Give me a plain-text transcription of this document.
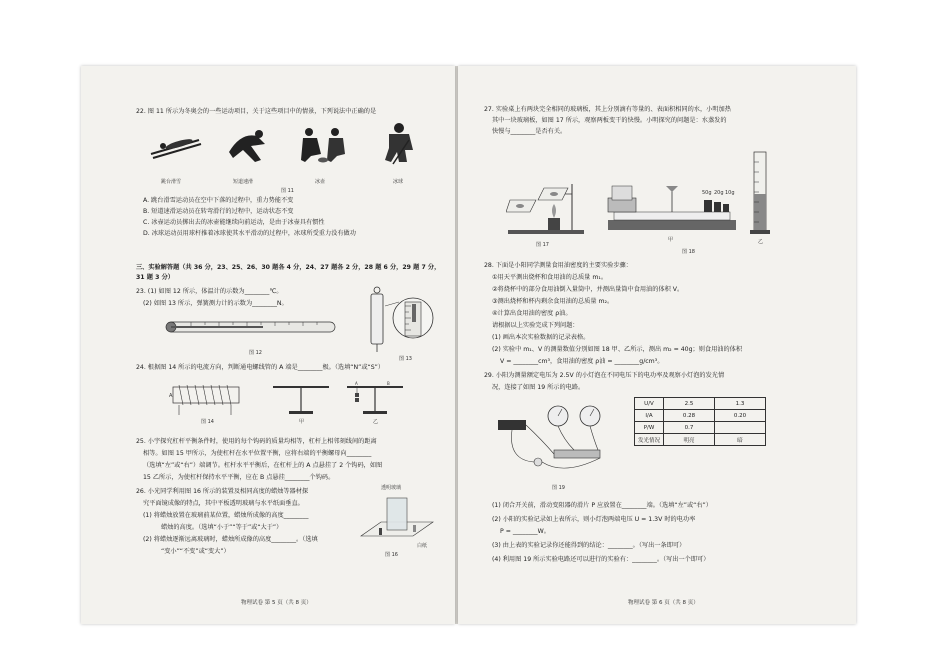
22. 图 11 所示为冬奥会的一些运动项目，关于这些项目中的情景，下列说法中正确的是
跳台滑雪	短道速滑	冰壶	冰球
图 11
A. 跳台滑雪运动员在空中下落的过程中，重力势能不变
B. 短道速滑运动员在转弯滑行的过程中，运动状态不变
C. 冰壶运动员掷出去的冰壶能继续向前运动，是由于冰壶具有惯性
D. 冰球运动员用球杆推着冰球使其水平滑动的过程中，冰球所受重力没有做功
三、实验解答题（共 36 分，23、25、26、30 题各 4 分，24、27 题各 2 分，28 题 6 分，29 题 7 分，
31 题 3 分）
23. (1) 如图 12 所示，体温计的示数为________℃。
(2) 如图 13 所示，弹簧测力计的示数为________N。
图 12
图 13
24. 根据图 14 所示的电流方向，判断通电螺线管的 A 端是________极。（选填“N”或“S”）
A
图 14	甲
A	B
乙
25. 小宇探究杠杆平衡条件时，使用的每个钩码的质量均相等，杠杆上相邻刻线间的距离
相等。如图 15 甲所示，为使杠杆在水平位置平衡，应将右端的平衡螺母向________
（选填“左”或“右”）端调节。杠杆水平平衡后，在杠杆上的 A 点悬挂了 2 个钩码，如图
15 乙所示，为使杠杆保持水平平衡，应在 B 点悬挂________个钩码。
26. 小光同学利用图 16 所示的装置及相同高度的蜡烛等器材探
究平面镜成像的特点，其中平板透明玻璃与水平纸面垂直。
(1) 将蜡烛放置在玻璃前某位置，蜡烛所成像的高度________
蜡烛的高度。（选填“小于”“等于”或“大于”）
(2) 将蜡烛逐渐远离玻璃时，蜡烛所成像的高度________。（选填
“变小”“不变”或“变大”）
透明玻璃
白纸
图 16
物理试卷 第 5 页（共 8 页）
27. 实验桌上有两块完全相同的玻璃板，其上分别滴有等量的、表面积相同的水，小明加热
其中一块玻璃板，如图 17 所示，观察两板变干的快慢。小明探究的问题是：水蒸发的
快慢与________是否有关。
图 17
50g 20g 10g
甲	乙
图 18
28. 下面是小阳同学测量食用油密度的主要实验步骤：
①用天平测出烧杯和食用油的总质量 m₁。
②将烧杯中的部分食用油倒入量筒中，并测出量筒中食用油的体积 V。
③测出烧杯和杯内剩余食用油的总质量 m₂。
④计算出食用油的密度 ρ油。
请根据以上实验完成下列问题：
(1) 画出本次实验数据的记录表格。
(2) 实验中 m₁、V 的测量数值分别如图 18 甲、乙所示，测出 m₂ = 40g；则食用油的体积
V = ________cm³，食用油的密度 ρ油 = ________g/cm³。
29. 小阳为测量额定电压为 2.5V 的小灯泡在不同电压下的电功率及观察小灯泡的发光情
况，连接了如图 19 所示的电路。
图 19
U/V	2.5	1.3
I/A	0.28	0.20
P/W	0.7	
发光情况	明亮	暗
(1) 闭合开关前，滑动变阻器的滑片 P 应放置在________端。（选填“左”或“右”）
(2) 小阳的实验记录如上表所示，则小灯泡两端电压 U = 1.3V 时的电功率
P = ________W。
(3) 由上表的实验记录你还能得到的结论：________。（写出一条即可）
(4) 利用图 19 所示实验电路还可以进行的实验有：________。（写出一个即可）
物理试卷 第 6 页（共 8 页）
